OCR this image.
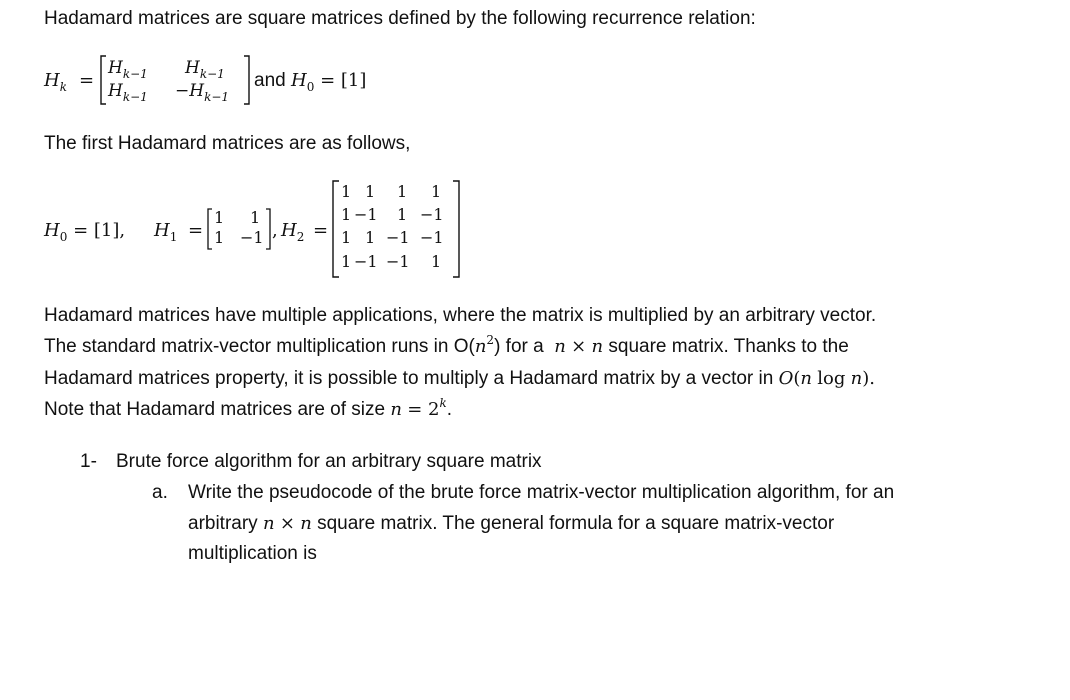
Hadamard matrices are square matrices defined by the following recurrence relation:
$H_k$ =
$H_{k-1}$ $H_{k-1}$
$H_{k-1} -H_{k-1}$
and $H_0 = [1]$
The first Hadamard matrices are as follows,
$H_0 = [1]$, $H_1$ =
1 1
1 −1 , $H_2$ =
1 1 1 1
1 −1 1 −1
1 1 −1 −1
1 −1 −1 1
Hadamard matrices have multiple applications, where the matrix is multiplied by an arbitrary vector.
The standard matrix-vector multiplication runs in $O(n^2)$ for a n × n square matrix. Thanks to the
Hadamard matrices property, it is possible to multiply a Hadamard matrix by a vector in O(n log n).
Note that Hadamard matrices are of size $n = 2^k$.
1- Brute force algorithm for an arbitrary square matrix
a. Write the pseudocode of the brute force matrix-vector multiplication algorithm, for an
arbitrary n × n square matrix. The general formula for a square matrix-vector
multiplication is
